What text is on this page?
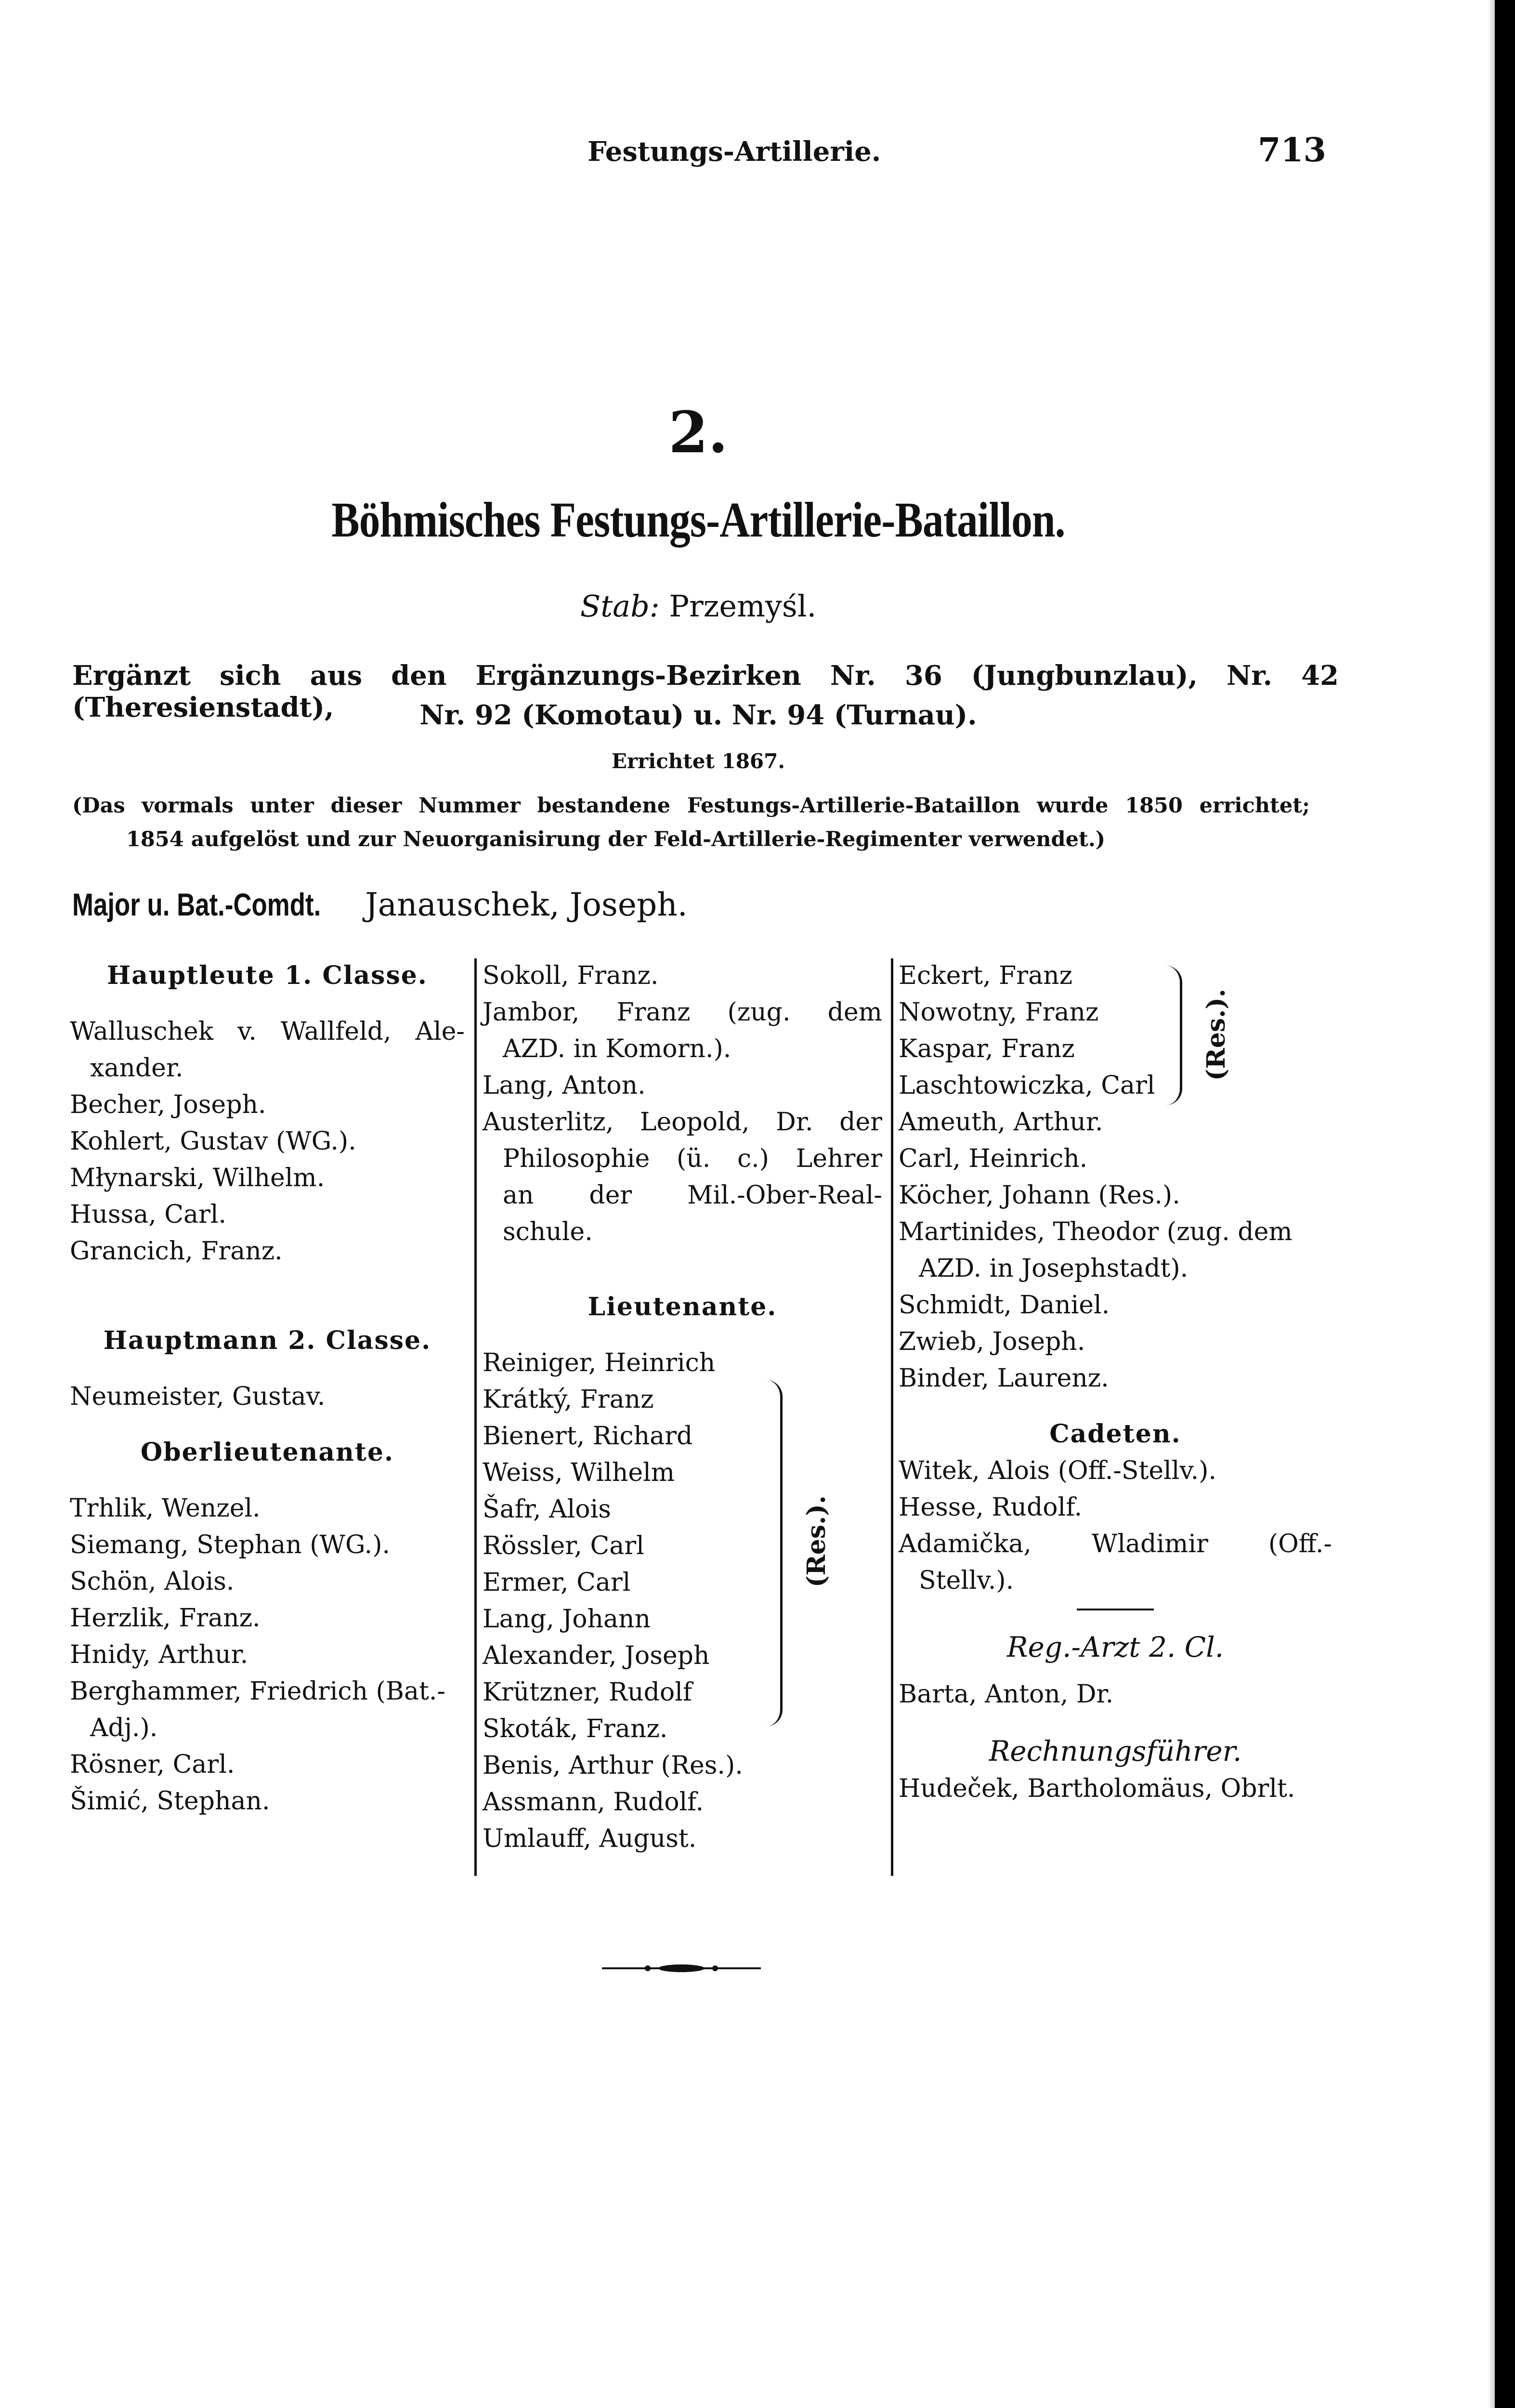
Festungs-Artillerie.	713
2.
Böhmisches Festungs-Artillerie-Bataillon.
Stab: Przemyśl.
Ergänzt sich aus den Ergänzungs-Bezirken Nr. 36 (Jungbunzlau), Nr. 42 (Theresienstadt),	Nr. 92 (Komotau) u. Nr. 94 (Turnau).
Errichtet 1867.
(Das vormals unter dieser Nummer bestandene Festungs-Artillerie-Bataillon wurde 1850 errichtet;
1854 aufgelöst und zur Neuorganisirung der Feld-Artillerie-Regimenter verwendet.)
Major u. Bat.-Comdt. Janauschek, Joseph.
Hauptleute 1. Classe.
Walluschek v. Wallfeld, Ale-
xander.
Becher, Joseph.
Kohlert, Gustav (WG.).
Młynarski, Wilhelm.
Hussa, Carl.
Grancich, Franz.
Hauptmann 2. Classe.
Neumeister, Gustav.
Oberlieutenante.
Trhlik, Wenzel.
Siemang, Stephan (WG.).
Schön, Alois.
Herzlik, Franz.
Hnidy, Arthur.
Berghammer, Friedrich (Bat.-
Adj.).
Rösner, Carl.
Šimić, Stephan.
Sokoll, Franz.
Jambor, Franz (zug. dem
AZD. in Komorn.).
Lang, Anton.
Austerlitz, Leopold, Dr. der
Philosophie (ü. c.) Lehrer
an der Mil.-Ober-Real-
schule.
Lieutenante.
Reiniger, Heinrich
Krátký, Franz
Bienert, Richard
Weiss, Wilhelm
Šafr, Alois
Rössler, Carl
Ermer, Carl
Lang, Johann
Alexander, Joseph
Krützner, Rudolf
Skoták, Franz.
Benis, Arthur (Res.).
Assmann, Rudolf.
Umlauff, August.
(Res.).
Eckert, Franz
Nowotny, Franz
Kaspar, Franz
Laschtowiczka, Carl
Ameuth, Arthur.
Carl, Heinrich.
Köcher, Johann (Res.).
Martinides, Theodor (zug. dem
AZD. in Josephstadt).
Schmidt, Daniel.
Zwieb, Joseph.
Binder, Laurenz.
Cadeten.
Witek, Alois (Off.-Stellv.).
Hesse, Rudolf.
Adamička, Wladimir (Off.-
Stellv.).
Reg.-Arzt 2. Cl.
Barta, Anton, Dr.
Rechnungsführer.
Hudeček, Bartholomäus, Obrlt.
(Res.).
